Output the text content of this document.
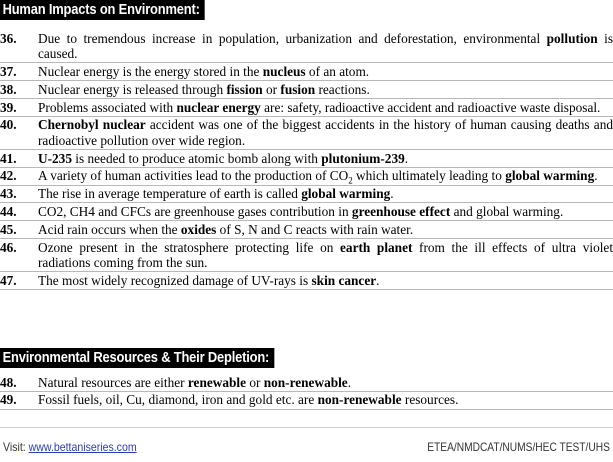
Human Impacts on Environment:
36.	Due to tremendous increase in population, urbanization and deforestation, environmental pollution is caused.
37.	Nuclear energy is the energy stored in the nucleus of an atom.
38.	Nuclear energy is released through fission or fusion reactions.
39.	Problems associated with nuclear energy are: safety, radioactive accident and radioactive waste disposal.
40.	Chernobyl nuclear accident was one of the biggest accidents in the history of human causing deaths and radioactive pollution over wide region.
41.	U-235 is needed to produce atomic bomb along with plutonium-239.
42.	A variety of human activities lead to the production of $CO_2$ which ultimately leading to global warming.
43.	The rise in average temperature of earth is called global warming.
44.	CO2, CH4 and CFCs are greenhouse gases contribution in greenhouse effect and global warming.
45.	Acid rain occurs when the oxides of S, N and C reacts with rain water.
46.	Ozone present in the stratosphere protecting life on earth planet from the ill effects of ultra violet radiations coming from the sun.
47.	The most widely recognized damage of UV-rays is skin cancer.
Environmental Resources & Their Depletion:
48.	Natural resources are either renewable or non-renewable.
49.	Fossil fuels, oil, Cu, diamond, iron and gold etc. are non-renewable resources.
Visit: www.bettaniseries.com	ETEA/NMDCAT/NUMS/HEC TEST/UHS
